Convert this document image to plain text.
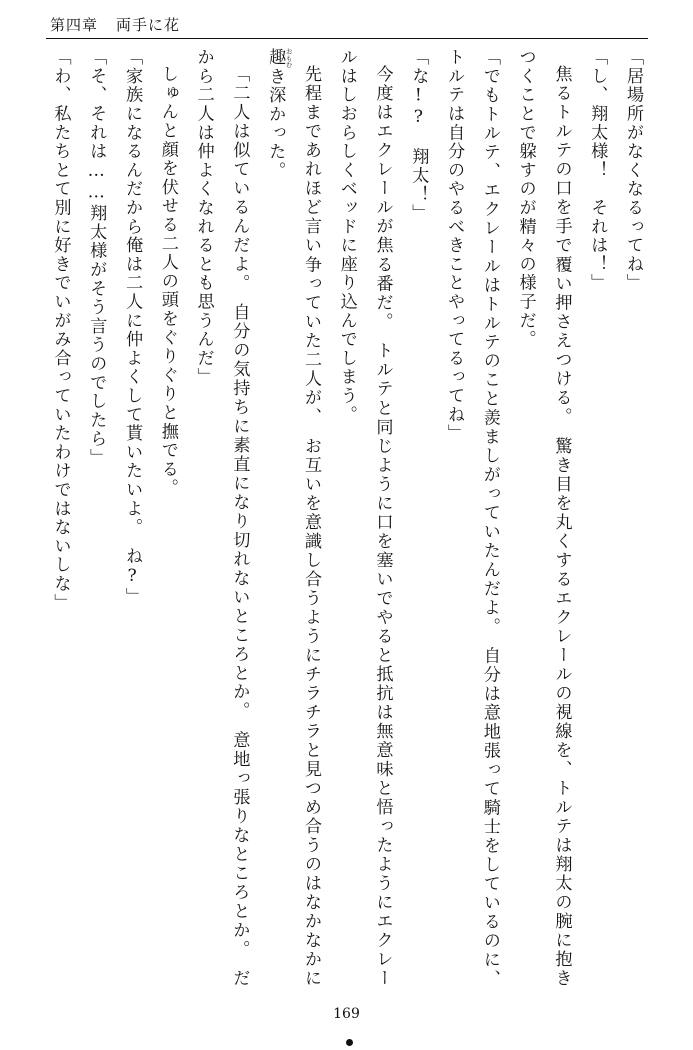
第四章 両手に花

「居場所がなくなるってね」

「し、翔太様！　それは！」

焦るトルテの口を手で覆い押さえつける。　驚き目を丸くするエクレールの視線を、トルテは翔太の腕に抱きつくことで躱すのが精々の様子だ。

「でもトルテ、エクレールはトルテのこと羨ましがっていたんだよ。　自分は意地張って騎士をしているのに、トルテは自分のやるべきことやってるってね」

「な!?　翔太！」

今度はエクレールが焦る番だ。　トルテと同じように口を塞いでやると抵抗は無意味と悟ったようにエクレールはしおらしくベッドに座り込んでしまう。

先程まであれほど言い争っていた二人が、　お互いを意識し合うようにチラチラと見つめ合うのはなかなかに趣 おもむき深かった。

「二人は似ているんだよ。　自分の気持ちに素直になり切れないところとか。　意地っ張りなところとか。　だから二人は仲よくなれるとも思うんだ」

しゅんと顔を伏せる二人の頭をぐりぐりと撫でる。

「家族になるんだから俺は二人に仲よくして貰いたいよ。　ね?」

「そ、それは……翔太様がそう言うのでしたら」

「わ、私たちとて別に好きでいがみ合っていたわけではないしな」

169
